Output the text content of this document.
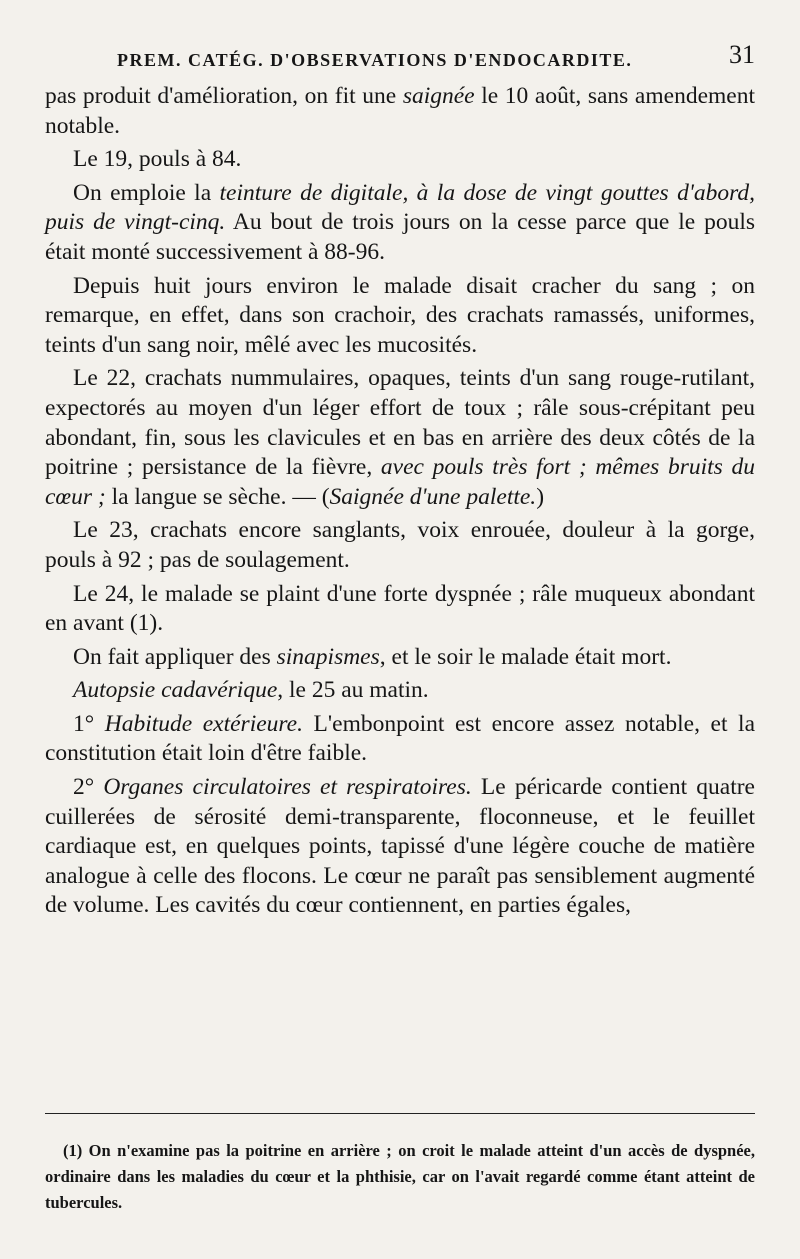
PREM. CATÉG. D'OBSERVATIONS D'ENDOCARDITE.	31

pas produit d'amélioration, on fit une saignée le 10 août, sans amendement notable.

Le 19, pouls à 84.

On emploie la teinture de digitale, à la dose de vingt gouttes d'abord, puis de vingt-cinq. Au bout de trois jours on la cesse parce que le pouls était monté successivement à 88-96.

Depuis huit jours environ le malade disait cracher du sang ; on remarque, en effet, dans son crachoir, des crachats ramassés, uniformes, teints d'un sang noir, mêlé avec les mucosités.

Le 22, crachats nummulaires, opaques, teints d'un sang rouge-rutilant, expectorés au moyen d'un léger effort de toux ; râle sous-crépitant peu abondant, fin, sous les clavicules et en bas en arrière des deux côtés de la poitrine ; persistance de la fièvre, avec pouls très fort ; mêmes bruits du cœur ; la langue se sèche. — (Saignée d'une palette.)

Le 23, crachats encore sanglants, voix enrouée, douleur à la gorge, pouls à 92 ; pas de soulagement.

Le 24, le malade se plaint d'une forte dyspnée ; râle muqueux abondant en avant (1).

On fait appliquer des sinapismes, et le soir le malade était mort.

Autopsie cadavérique, le 25 au matin.

1° Habitude extérieure. L'embonpoint est encore assez notable, et la constitution était loin d'être faible.

2° Organes circulatoires et respiratoires. Le péricarde contient quatre cuillerées de sérosité demi-transparente, floconneuse, et le feuillet cardiaque est, en quelques points, tapissé d'une légère couche de matière analogue à celle des flocons. Le cœur ne paraît pas sensiblement augmenté de volume. Les cavités du cœur contiennent, en parties égales,

(1) On n'examine pas la poitrine en arrière ; on croit le malade atteint d'un accès de dyspnée, ordinaire dans les maladies du cœur et la phthisie, car on l'avait regardé comme étant atteint de tubercules.
